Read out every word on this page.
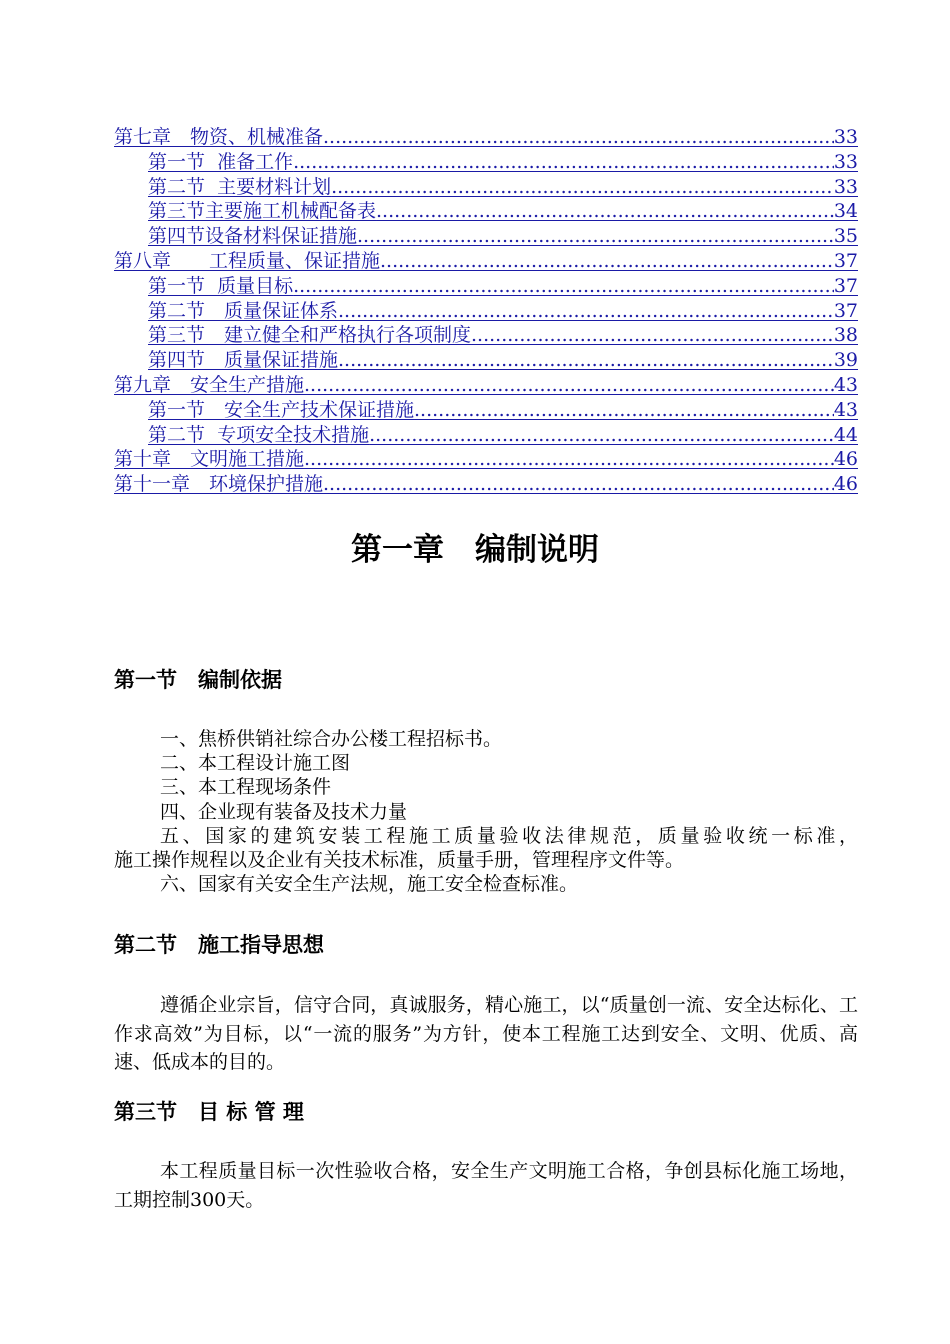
第七章　物资、机械准备 .....	33
第一节  准备工作 .....	33
第二节  主要材料计划 .....	33
第三节主要施工机械配备表 .....	34
第四节设备材料保证措施 .....	35
第八章　　工程质量、保证措施 .....	37
第一节  质量目标 .....	37
第二节　质量保证体系 .....	37
第三节　建立健全和严格执行各项制度 .....	38
第四节　质量保证措施 .....	39
第九章　安全生产措施 .....	43
第一节　安全生产技术保证措施 .....	43
第二节  专项安全技术措施 .....	44
第十章　文明施工措施 .....	46
第十一章　环境保护措施 .....	46
第一章　编制说明
第一节　编制依据

一、焦桥供销社综合办公楼工程招标书。

二、本工程设计施工图

三、本工程现场条件

四、企业现有装备及技术力量

五、国家的建筑安装工程施工质量验收法律规范，质量验收统一标准，

施工操作规程以及企业有关技术标准，质量手册，管理程序文件等。

六、国家有关安全生产法规，施工安全检查标准。

第二节　施工指导思想

遵循企业宗旨，信守合同，真诚服务，精心施工，以“质量创一流、安全达标化、工作求高效”为目标，以“一流的服务”为方针，使本工程施工达到安全、文明、优质、高速、低成本的目的。

第三节　目 标 管 理

本工程质量目标一次性验收合格，安全生产文明施工合格，争创县标化施工场地，工期控制300天。
